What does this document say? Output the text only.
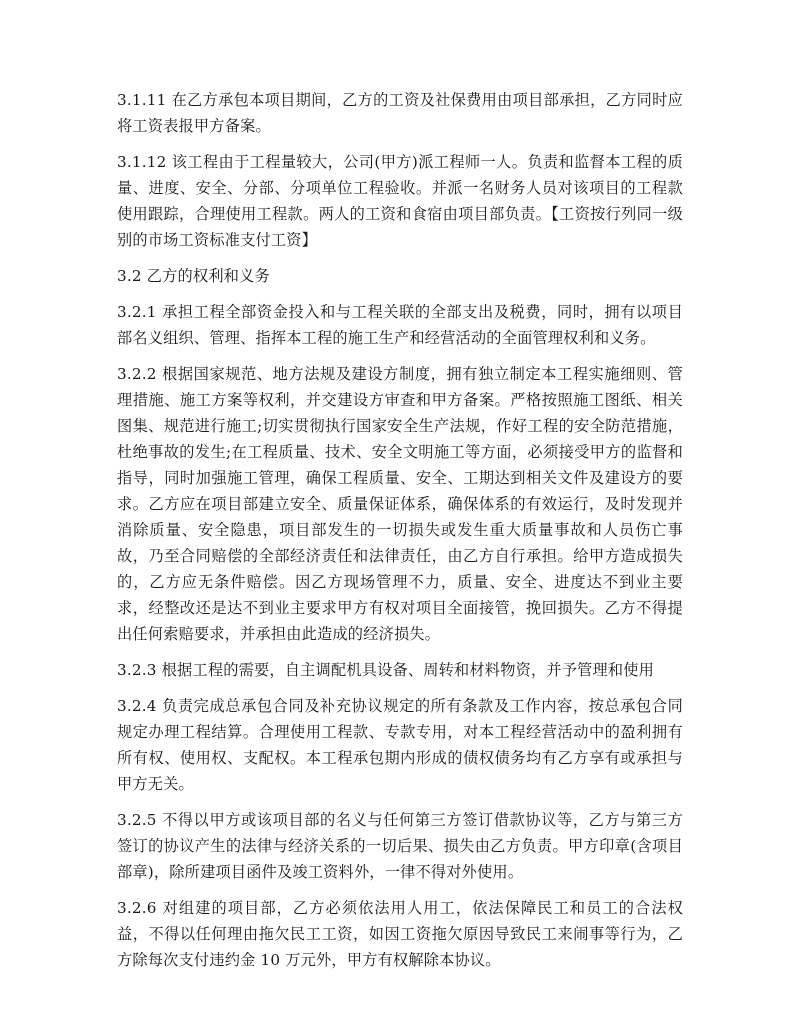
3.1.11 在乙方承包本项目期间，乙方的工资及社保费用由项目部承担，乙方同时应将工资表报甲方备案。

3.1.12 该工程由于工程量较大，公司(甲方)派工程师一人。负责和监督本工程的质量、进度、安全、分部、分项单位工程验收。并派一名财务人员对该项目的工程款使用跟踪，合理使用工程款。两人的工资和食宿由项目部负责。【工资按行列同一级别的市场工资标准支付工资】

3.2 乙方的权利和义务

3.2.1 承担工程全部资金投入和与工程关联的全部支出及税费，同时，拥有以项目部名义组织、管理、指挥本工程的施工生产和经营活动的全面管理权利和义务。

3.2.2 根据国家规范、地方法规及建设方制度，拥有独立制定本工程实施细则、管理措施、施工方案等权利，并交建设方审查和甲方备案。严格按照施工图纸、相关图集、规范进行施工;切实贯彻执行国家安全生产法规，作好工程的安全防范措施，杜绝事故的发生;在工程质量、技术、安全文明施工等方面，必须接受甲方的监督和指导，同时加强施工管理，确保工程质量、安全、工期达到相关文件及建设方的要求。乙方应在项目部建立安全、质量保证体系，确保体系的有效运行，及时发现并消除质量、安全隐患，项目部发生的一切损失或发生重大质量事故和人员伤亡事故，乃至合同赔偿的全部经济责任和法律责任，由乙方自行承担。给甲方造成损失的，乙方应无条件赔偿。因乙方现场管理不力，质量、安全、进度达不到业主要求，经整改还是达不到业主要求甲方有权对项目全面接管，挽回损失。乙方不得提出任何索赔要求，并承担由此造成的经济损失。

3.2.3 根据工程的需要，自主调配机具设备、周转和材料物资，并予管理和使用

3.2.4 负责完成总承包合同及补充协议规定的所有条款及工作内容，按总承包合同规定办理工程结算。合理使用工程款、专款专用，对本工程经营活动中的盈利拥有所有权、使用权、支配权。本工程承包期内形成的债权债务均有乙方享有或承担与甲方无关。

3.2.5 不得以甲方或该项目部的名义与任何第三方签订借款协议等，乙方与第三方签订的协议产生的法律与经济关系的一切后果、损失由乙方负责。甲方印章(含项目部章)，除所建项目函件及竣工资料外，一律不得对外使用。

3.2.6 对组建的项目部，乙方必须依法用人用工，依法保障民工和员工的合法权益，不得以任何理由拖欠民工工资，如因工资拖欠原因导致民工来闹事等行为，乙方除每次支付违约金 10 万元外，甲方有权解除本协议。
